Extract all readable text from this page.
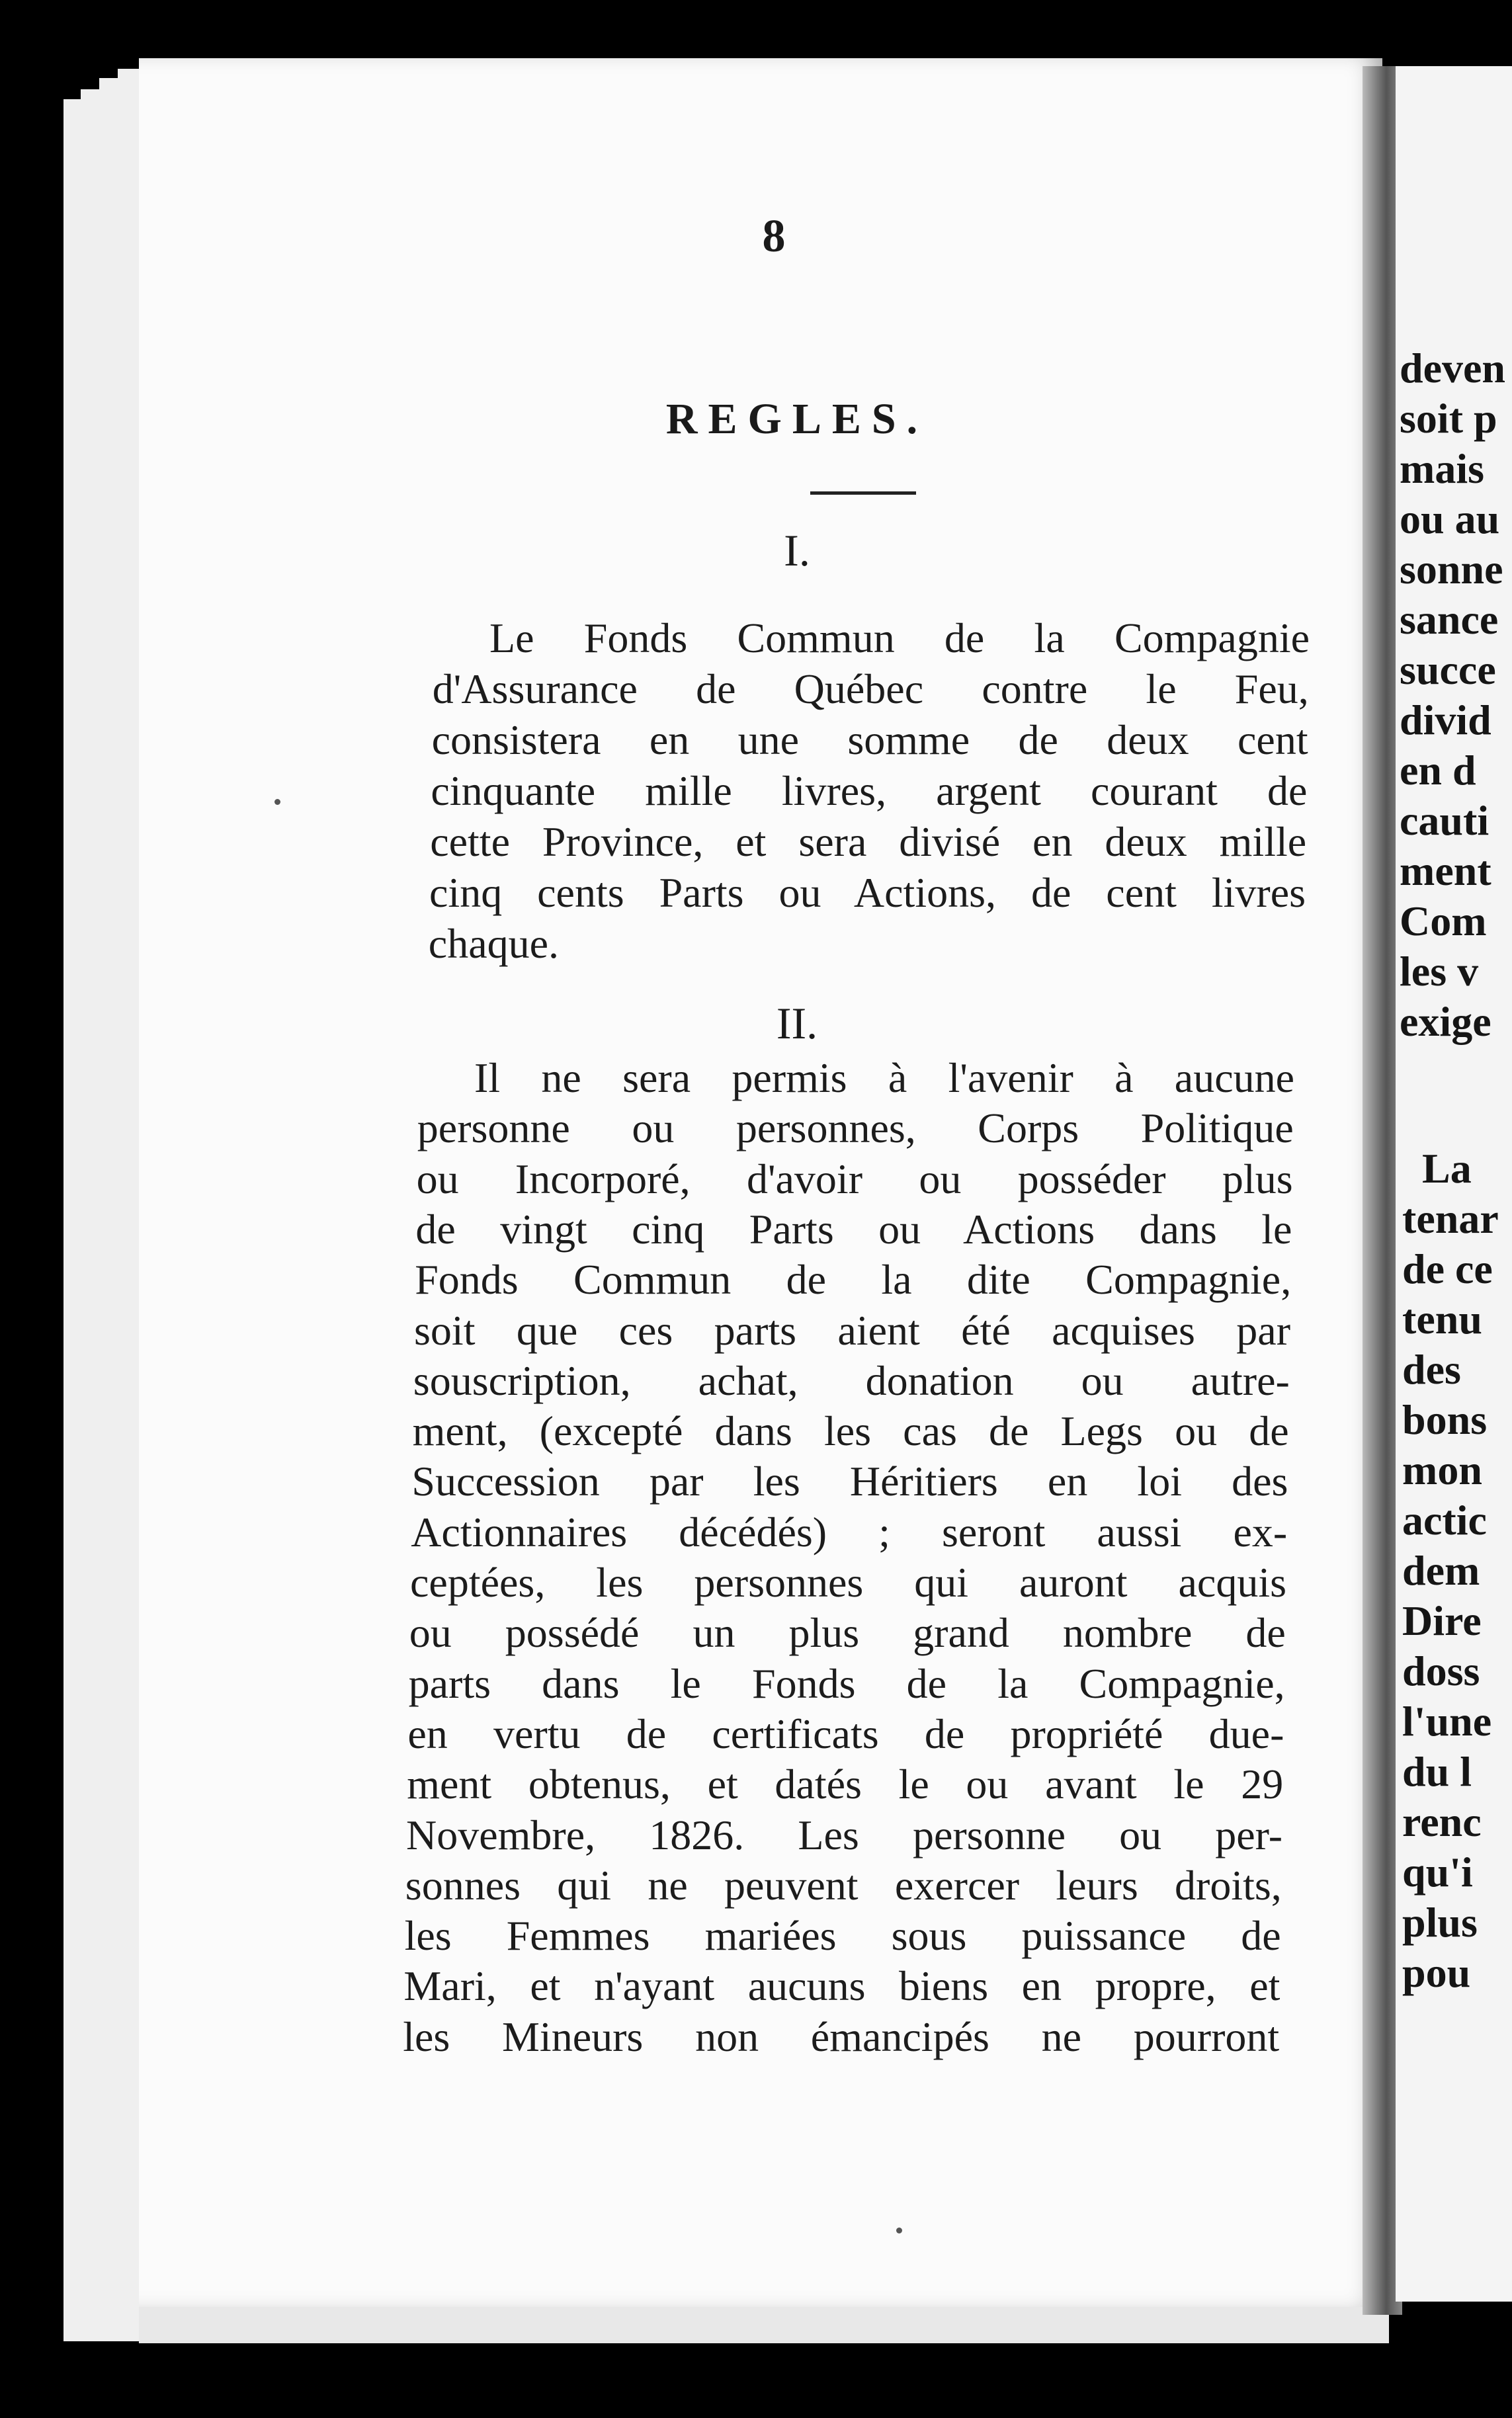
8
REGLES.
I.
Le Fonds Commun de la Compagnie
d'Assurance de Québec contre le Feu,
consistera en une somme de deux cent
cinquante mille livres, argent courant de
cette Province, et sera divisé en deux mille
cinq cents Parts ou Actions, de cent livres
chaque.
II.
Il ne sera permis à l'avenir à aucune
personne ou personnes, Corps Politique
ou Incorporé, d'avoir ou posséder plus
de vingt cinq Parts ou Actions dans le
Fonds Commun de la dite Compagnie,
soit que ces parts aient été acquises par
souscription, achat, donation ou autre-
ment, (excepté dans les cas de Legs ou de
Succession par les Héritiers en loi des
Actionnaires décédés) ; seront aussi ex-
ceptées, les personnes qui auront acquis
ou possédé un plus grand nombre de
parts dans le Fonds de la Compagnie,
en vertu de certificats de propriété due-
ment obtenus, et datés le ou avant le 29
Novembre, 1826. Les personne ou per-
sonnes qui ne peuvent exercer leurs droits,
les Femmes mariées sous puissance de
Mari, et n'ayant aucuns biens en propre, et
les Mineurs non émancipés ne pourront
deven
soit p
mais
ou au
sonne
sance
succe
divid
en d
cauti
ment
Com
les v
exige
La
tenar
de ce
tenu
des
bons
mon
actic
dem
Dire
doss
l'une
du l
renc
qu'i
plus
pou
